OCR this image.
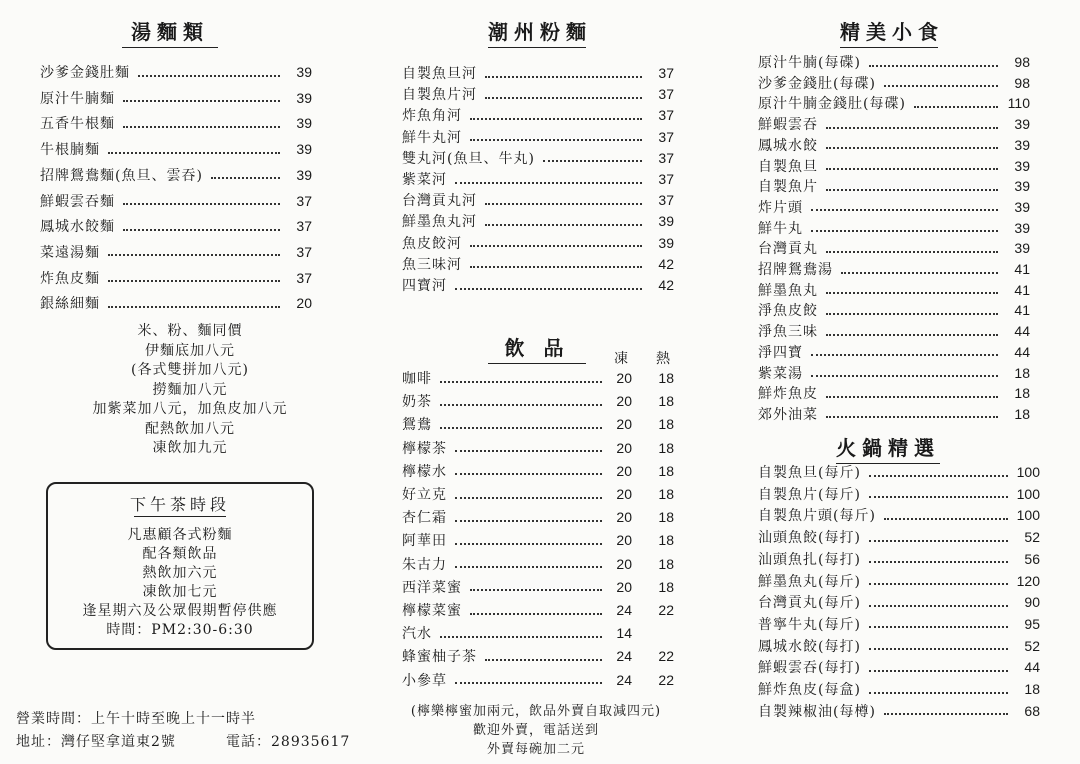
湯麵類
沙爹金錢肚麵	39
原汁牛腩麵	39
五香牛根麵	39
牛根腩麵	39
招牌鴛鴦麵(魚旦、雲吞)	39
鮮蝦雲吞麵	37
鳳城水餃麵	37
菜遠湯麵	37
炸魚皮麵	37
銀絲細麵	20
米、粉、麵同價
伊麵底加八元
(各式雙拼加八元)
撈麵加八元
加紫菜加八元，加魚皮加八元
配熱飲加八元
凍飲加九元
下午茶時段
凡惠顧各式粉麵
配各類飲品
熱飲加六元
凍飲加七元
逢星期六及公眾假期暫停供應
時間：PM2:30-6:30
營業時間：上午十時至晚上十一時半
地址：灣仔堅拿道東2號	電話：28935617
潮州粉麵
自製魚旦河	37
自製魚片河	37
炸魚角河	37
鮮牛丸河	37
雙丸河(魚旦、牛丸)	37
紫菜河	37
台灣貢丸河	37
鮮墨魚丸河	39
魚皮餃河	39
魚三味河	42
四寶河	42
飲 品	凍 熱
咖啡	20	18
奶茶	20	18
鴛鴦	20	18
檸檬茶	20	18
檸檬水	20	18
好立克	20	18
杏仁霜	20	18
阿華田	20	18
朱古力	20	18
西洋菜蜜	20	18
檸檬菜蜜	24	22
汽水	14
蜂蜜柚子茶	24	22
小參草	24	22
(檸樂檸蜜加兩元，飲品外賣自取減四元)
歡迎外賣，電話送到
外賣每碗加二元
精美小食
原汁牛腩(每碟)	98
沙爹金錢肚(每碟)	98
原汁牛腩金錢肚(每碟)	110
鮮蝦雲吞	39
鳳城水餃	39
自製魚旦	39
自製魚片	39
炸片頭	39
鮮牛丸	39
台灣貢丸	39
招牌鴛鴦湯	41
鮮墨魚丸	41
淨魚皮餃	41
淨魚三味	44
淨四寶	44
紫菜湯	18
鮮炸魚皮	18
郊外油菜	18
火鍋精選
自製魚旦(每斤)	100
自製魚片(每斤)	100
自製魚片頭(每斤)	100
汕頭魚餃(每打)	52
汕頭魚扎(每打)	56
鮮墨魚丸(每斤)	120
台灣貢丸(每斤)	90
普寧牛丸(每斤)	95
鳳城水餃(每打)	52
鮮蝦雲吞(每打)	44
鮮炸魚皮(每盒)	18
自製辣椒油(每樽)	68
